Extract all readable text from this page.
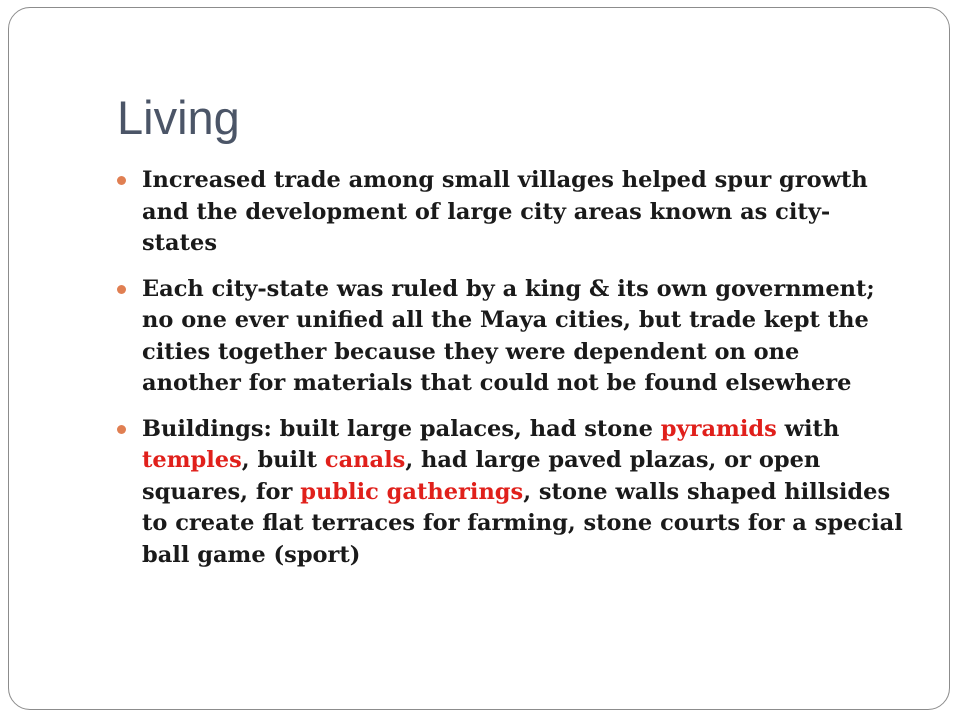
Living
Increased trade among small villages helped spur growth and the development of large city areas known as city-states
Each city-state was ruled by a king & its own government; no one ever unified all the Maya cities, but trade kept the cities together because they were dependent on one another for materials that could not be found elsewhere
Buildings: built large palaces, had stone pyramids with temples, built canals, had large paved plazas, or open squares, for public gatherings, stone walls shaped hillsides to create flat terraces for farming, stone courts for a special ball game (sport)
